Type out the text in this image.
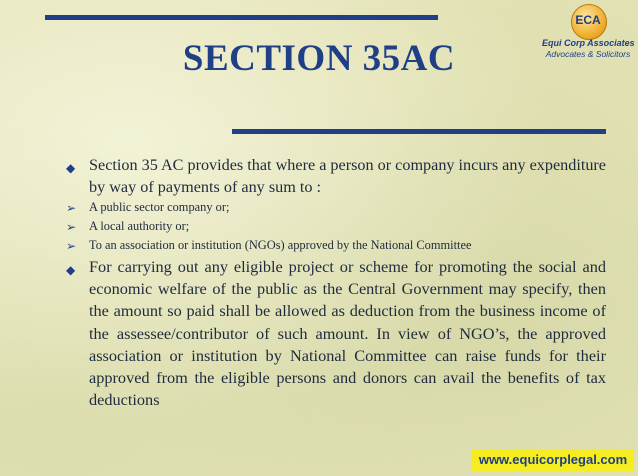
ECA
Equi Corp Associates
Advocates & Solicitors
SECTION 35AC
◆ Section 35 AC provides that where a person or company incurs any expenditure by way of payments of any sum to :
➢ A public sector company or;
➢ A local authority or;
➢ To an association or institution (NGOs) approved by the National Committee
◆ For carrying out any eligible project or scheme for promoting the social and economic welfare of the public as the Central Government may specify, then the amount so paid shall be allowed as deduction from the business income of the assessee/contributor of such amount. In view of NGO’s, the approved association or institution by National Committee can raise funds for their approved from the eligible persons and donors can avail the benefits of tax deductions
www.equicorplegal.com
